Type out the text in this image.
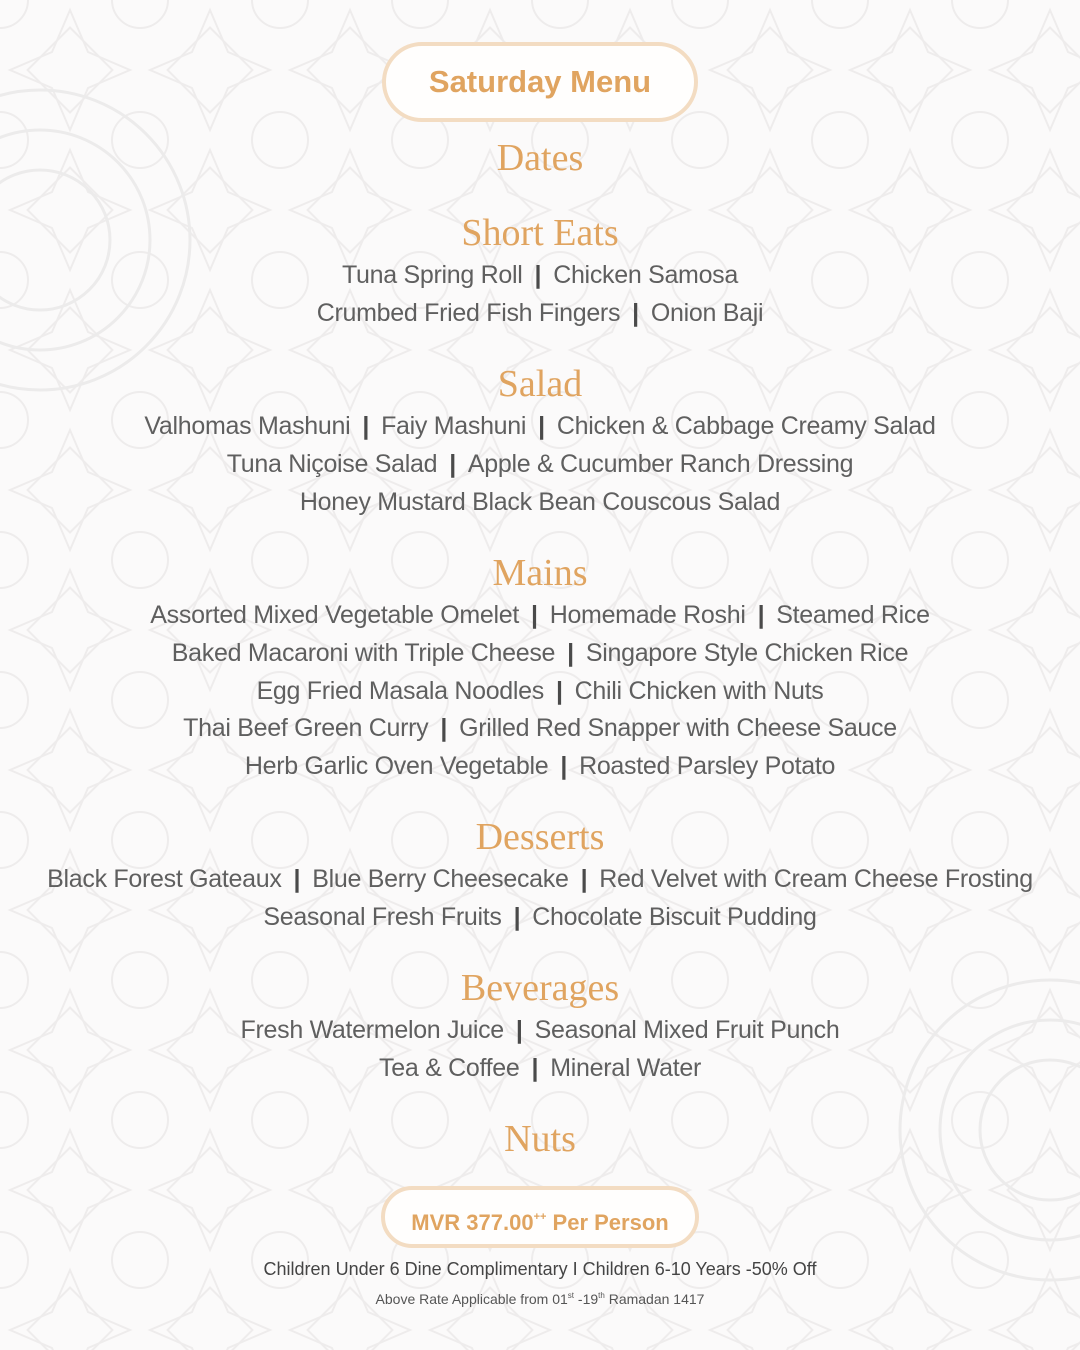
Saturday Menu
Dates
Short Eats
Tuna Spring Roll | Chicken Samosa
Crumbed Fried Fish Fingers | Onion Baji
Salad
Valhomas Mashuni | Faiy Mashuni | Chicken & Cabbage Creamy Salad
Tuna Niçoise Salad | Apple & Cucumber Ranch Dressing
Honey Mustard Black Bean Couscous Salad
Mains
Assorted Mixed Vegetable Omelet | Homemade Roshi | Steamed Rice
Baked Macaroni with Triple Cheese | Singapore Style Chicken Rice
Egg Fried Masala Noodles | Chili Chicken with Nuts
Thai Beef Green Curry | Grilled Red Snapper with Cheese Sauce
Herb Garlic Oven Vegetable | Roasted Parsley Potato
Desserts
Black Forest Gateaux | Blue Berry Cheesecake | Red Velvet with Cream Cheese Frosting
Seasonal Fresh Fruits | Chocolate Biscuit Pudding
Beverages
Fresh Watermelon Juice | Seasonal Mixed Fruit Punch
Tea & Coffee | Mineral Water
Nuts
MVR 377.00++ Per Person
Children Under 6 Dine Complimentary I Children 6-10 Years -50% Off
Above Rate Applicable from 01st -19th Ramadan 1417
